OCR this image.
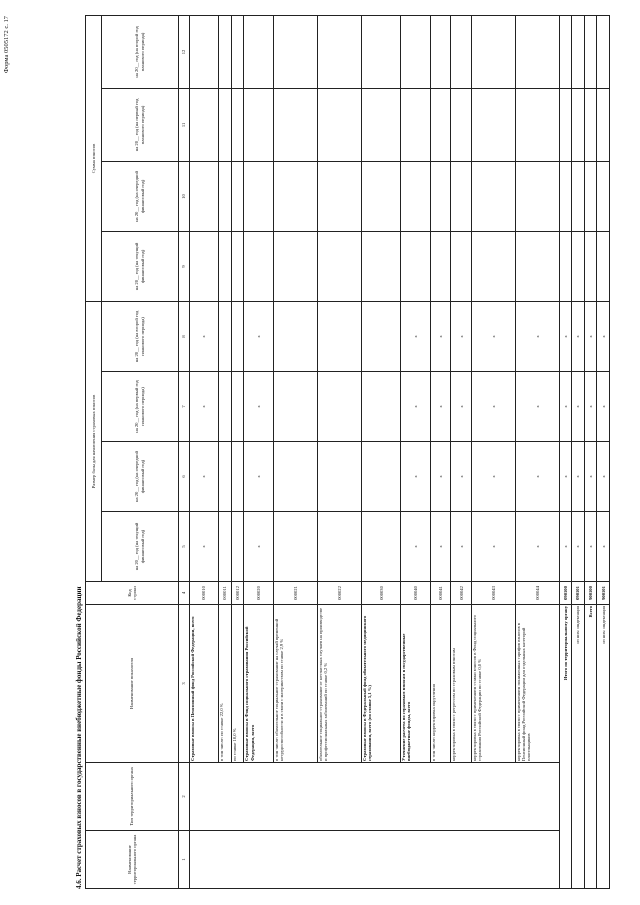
Форма 0505172 с. 17
4.6. Расчет страховых взносов в государственные внебюджетные фонды Российской Федерации	Наименование территориального органа	Тип территориального органа	Наименование показателя	Код строки	Размер базы для начисления страховых взносов				Сумма взносов			
				на 20__ год (на текущий финансовый год)	на 20__ год (на очередной финансовый год)	на 20__ год (на первый год планового периода)	на 20__ год (на второй год планового периода)	на 20__ год (на текущий финансовый год)	на 20__ год (на очередной финансовый год)	на 20__ год (на первый год планового периода)	на 20__ год (на второй год планового периода)
1	2	3	4	5	6	7	8	9	10	11	12
		Страховые взносы в Пенсионный фонд Российской Федерации, всего	000010	x	x	x	x				
		в том числе: по ставке 22,0 %	000011								
		по ставке 10,0 %	000012								
		Страховые взносы в Фонд социального страхования Российской Федерации, всего	000020	x	x	x	x				
		в том числе: обязательное социальное страхование на случай временной нетрудоспособности и в связи с материнством по ставке 2,9 %	000021								
		обязательное социальное страхование от несчастных случаев на производстве и профессиональных заболеваний по ставке 0,2 %	000022								
		Страховые взносы в Федеральный фонд обязательного медицинского страхования, всего (по ставке 5,1 %)	000030								
		Уточнение расчета по страховым взносам в государственные внебюджетные фонды, всего	000040	x	x	x	x				
		в том числе: корректировка округления	000041	x	x	x	x				
		корректировка в связи с регрессом по страховым взносам	000042	x	x	x	x				
		корректировка в связи с применением ставки взносов в Фонд социального страхования Российской Федерации по ставке 0,0 %	000043	x	x	x	x				
		корректировка в связи с применением пониженных тарифов взносов в Пенсионный фонд Российской Федерации для отдельных категорий плательщиков	000044	x	x	x	x				
Итого по территориальному органу			090100	x	x	x	x				
из них: индексация			090101	x	x	x	x				
Всего			900100	x	x	x	x				
из них: индексация			900101	x	x	x	x				
